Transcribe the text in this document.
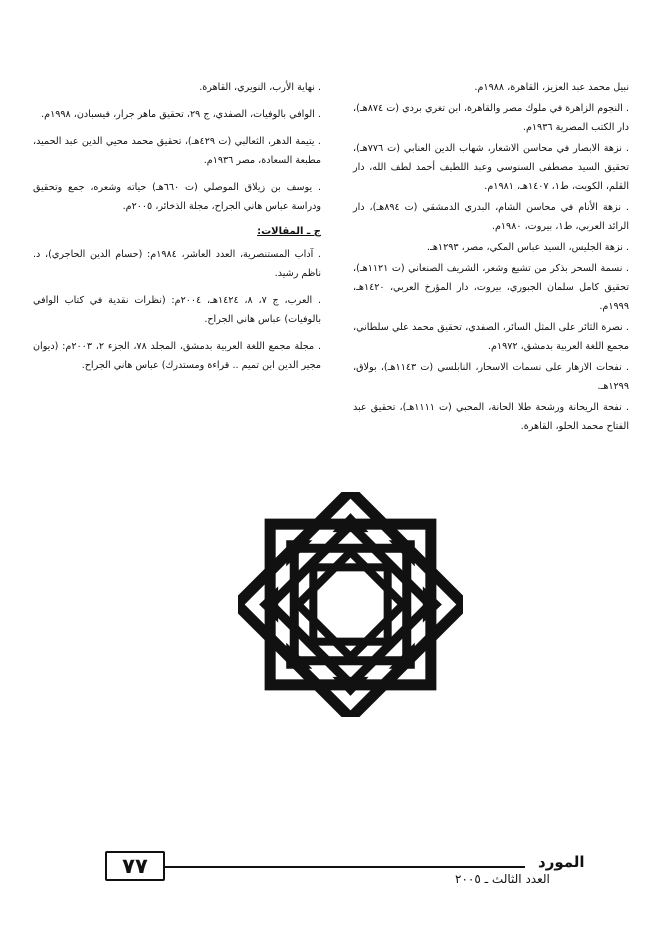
نبيل محمد عبد العزيز، القاهرة، ١٩٨٨م.
. النجوم الزاهرة في ملوك مصر والقاهرة، ابن تغري بردي (ت ٨٧٤هـ)، دار الكتب المصرية ١٩٣٦م.
. نزهة الابصار في محاسن الاشعار، شهاب الدين العنابي (ت ٧٧٦هـ)، تحقيق السيد مصطفى السنوسي وعبد اللطيف أحمد لطف الله، دار القلم، الكويت، ط١، ١٤٠٧هـ، ١٩٨١م.
. نزهة الأنام في محاسن الشام، البدري الدمشقي (ت ٨٩٤هـ)، دار الرائد العربي، ط١، بيروت، ١٩٨٠م.
. نزهة الجليس، السيد عباس المكي، مصر، ١٢٩٣هـ.
. نسمة السحر بذكر من تشيع وشعر، الشريف الصنعاني (ت ١١٢١هـ)، تحقيق كامل سلمان الجبوري، بيروت، دار المؤرخ العربي، ١٤٢٠هـ، ١٩٩٩م.
. نصرة الثائر على المثل السائر، الصفدي، تحقيق محمد علي سلطاني، مجمع اللغة العربية بدمشق، ١٩٧٢م.
. نفحات الازهار على نسمات الاسحار، النابلسي (ت ١١٤٣هـ)، بولاق، ١٢٩٩هـ.
. نفحة الريحانة ورشحة طلا الحانة، المحبي (ت ١١١١هـ)، تحقيق عبد الفتاح محمد الحلو، القاهرة.
. نهاية الأرب، النويري، القاهرة.
. الوافي بالوفيات، الصفدي، ج ٢٩، تحقيق ماهر جرار، فيسبادن، ١٩٩٨م.
. يتيمة الدهر، الثعالبي (ت ٤٢٩هـ)، تحقيق محمد محيي الدين عبد الحميد، مطبعة السعادة، مصر ١٩٣٦م.
. يوسف بن زيلاق الموصلي (ت ٦٦٠هـ) حياته وشعره، جمع وتحقيق ودراسة عباس هاني الجراح، مجلة الذخائر، ٢٠٠٥م.
ج ـ المقالات:
. آداب المستنصرية، العدد العاشر، ١٩٨٤م: (حسام الدين الحاجري)، د. ناظم رشيد.
. العرب، ج ٧، ٨، ١٤٢٤هـ، ٢٠٠٤م: (نظرات نقدية في كتاب الوافي بالوفيات) عباس هاني الجراح.
. مجلة مجمع اللغة العربية بدمشق، المجلد ٧٨، الجزء ٢، ٢٠٠٣م: (ديوان مجير الدين ابن تميم .. قراءة ومستدرك) عباس هاني الجراح.
٧٧	المورد
العدد الثالث ـ ٢٠٠٥
